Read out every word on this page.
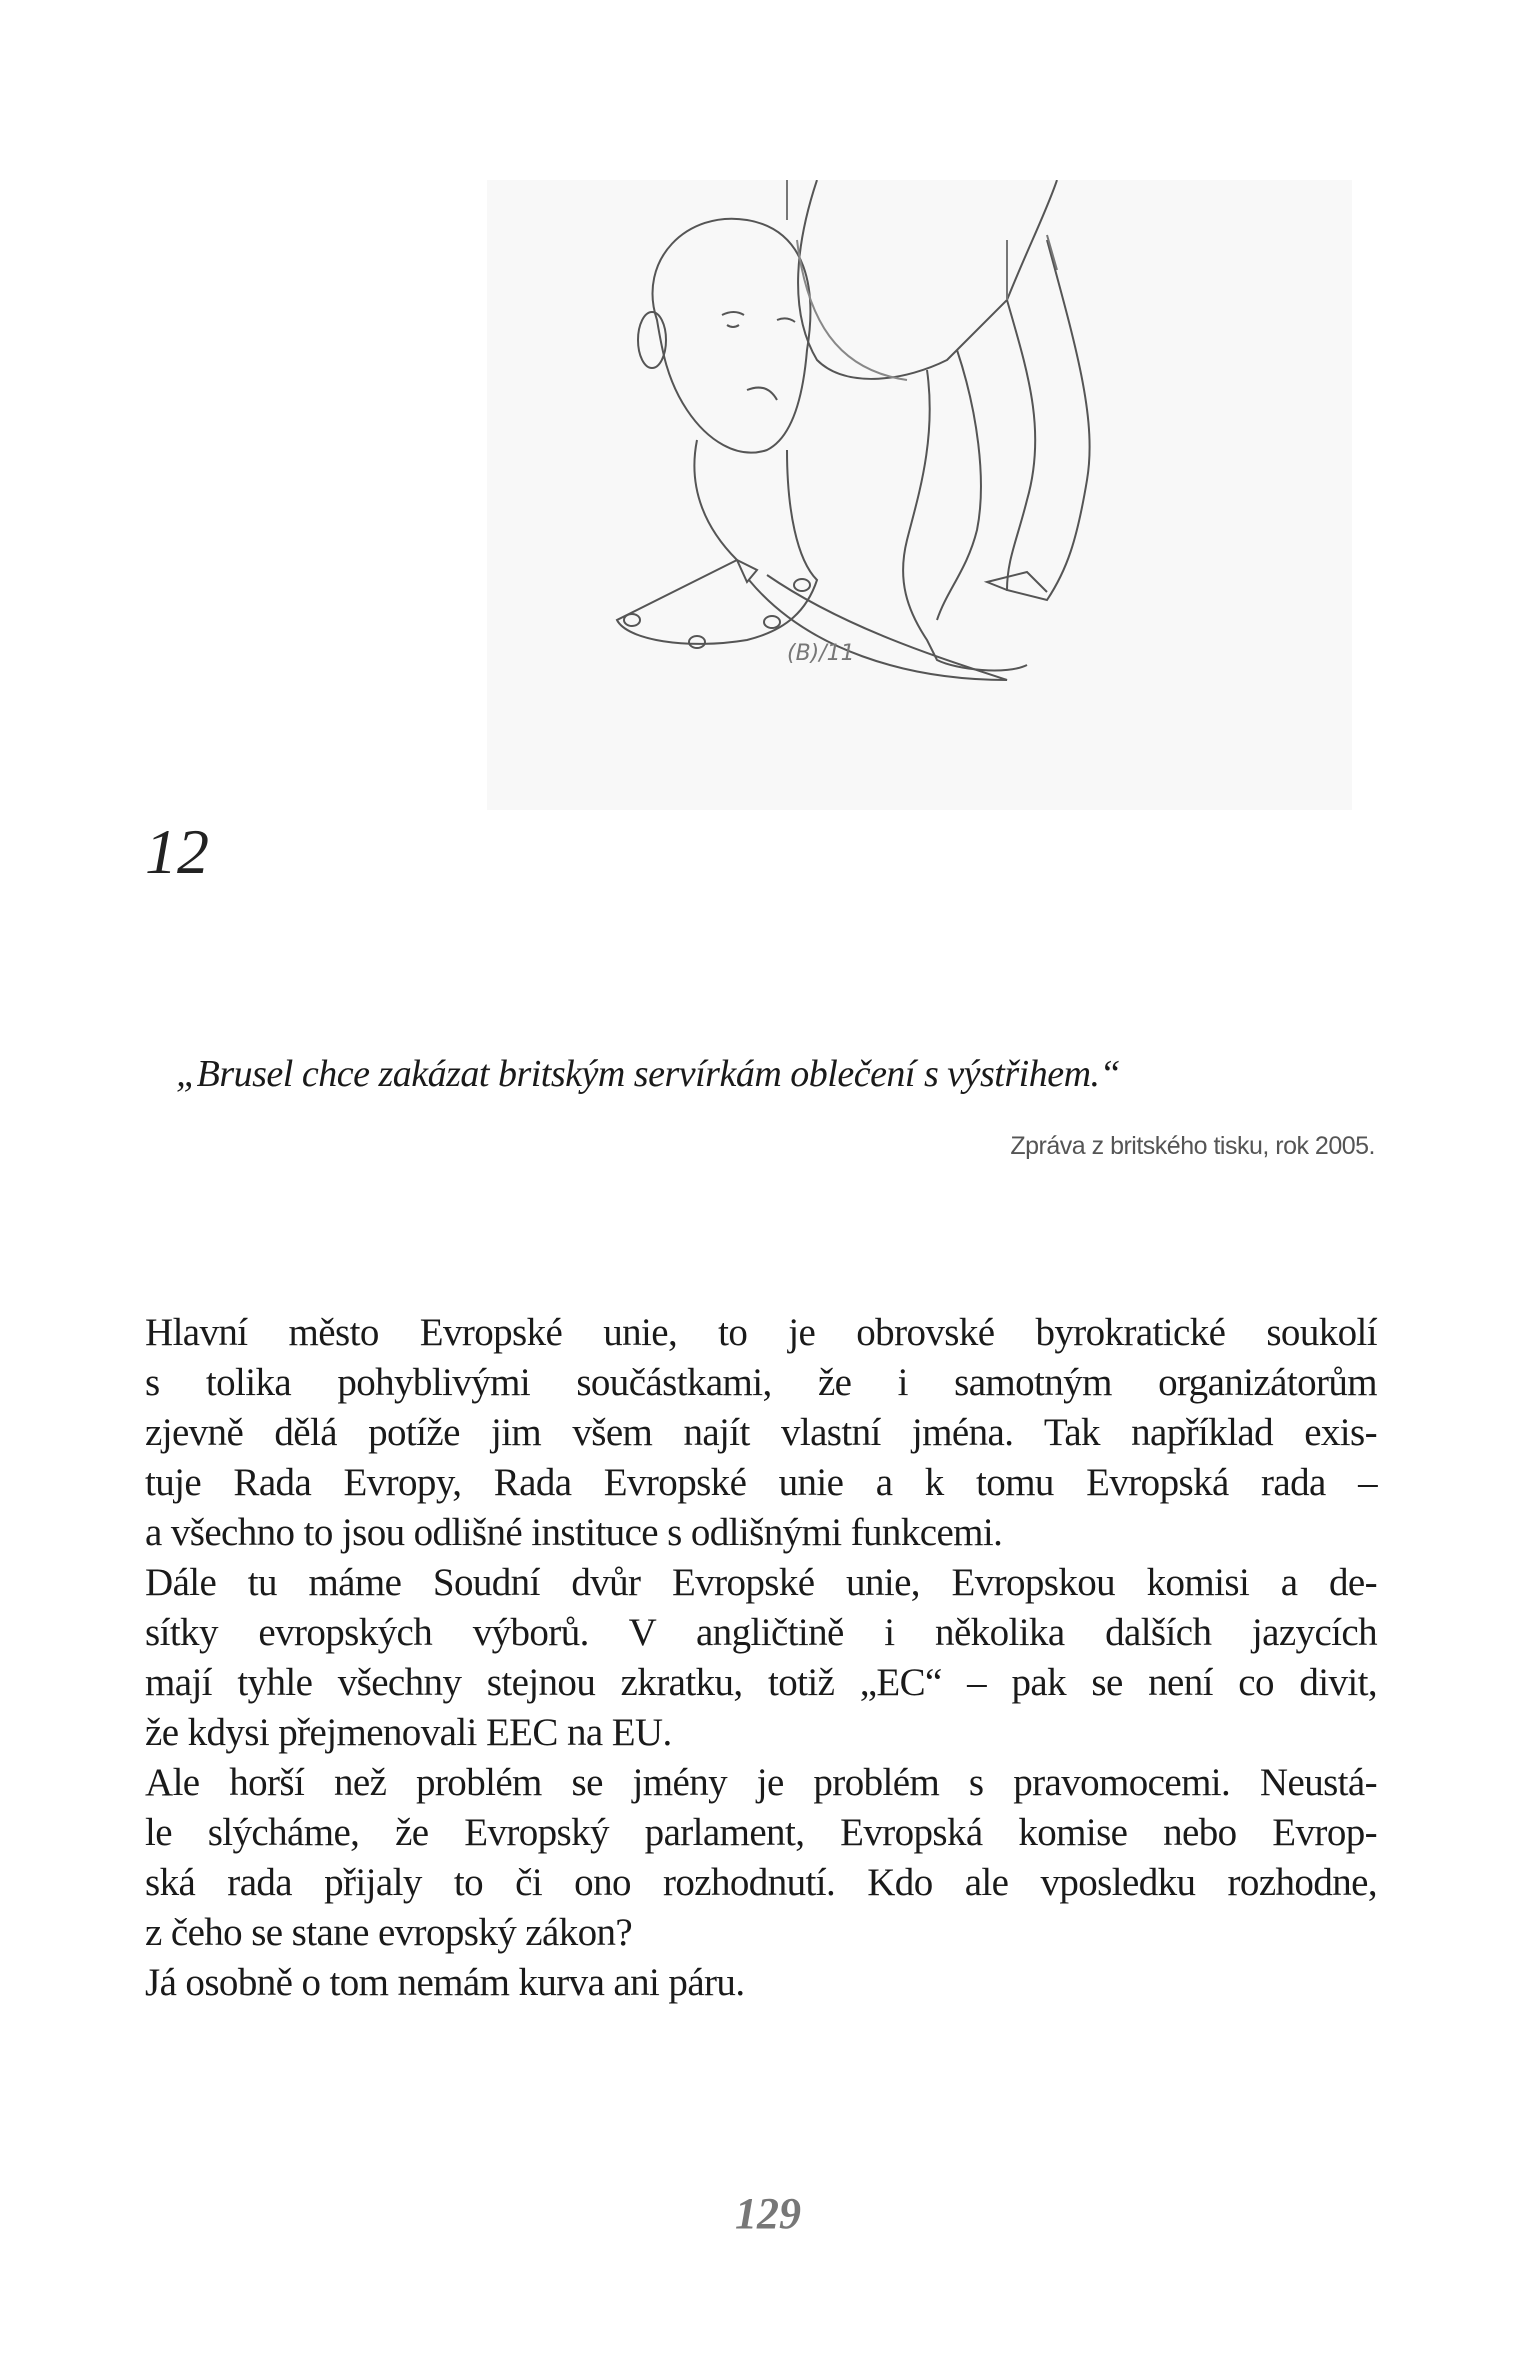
(B)/11
12
„Brusel chce zakázat britským servírkám oblečení s výstřihem.“
Zpráva z britského tisku, rok 2005.
Hlavní město Evropské unie, to je obrovské byrokratické soukolí
s tolika pohyblivými součástkami, že i samotným organizátorům
zjevně dělá potíže jim všem najít vlastní jména. Tak například exis-
tuje Rada Evropy, Rada Evropské unie a k tomu Evropská rada –
a všechno to jsou odlišné instituce s odlišnými funkcemi.
Dále tu máme Soudní dvůr Evropské unie, Evropskou komisi a de-
sítky evropských výborů. V angličtině i několika dalších jazycích
mají tyhle všechny stejnou zkratku, totiž „EC“ – pak se není co divit,
že kdysi přejmenovali EEC na EU.
Ale horší než problém se jmény je problém s pravomocemi. Neustá-
le slýcháme, že Evropský parlament, Evropská komise nebo Evrop-
ská rada přijaly to či ono rozhodnutí. Kdo ale vposledku rozhodne,
z čeho se stane evropský zákon?
Já osobně o tom nemám kurva ani páru.
129
